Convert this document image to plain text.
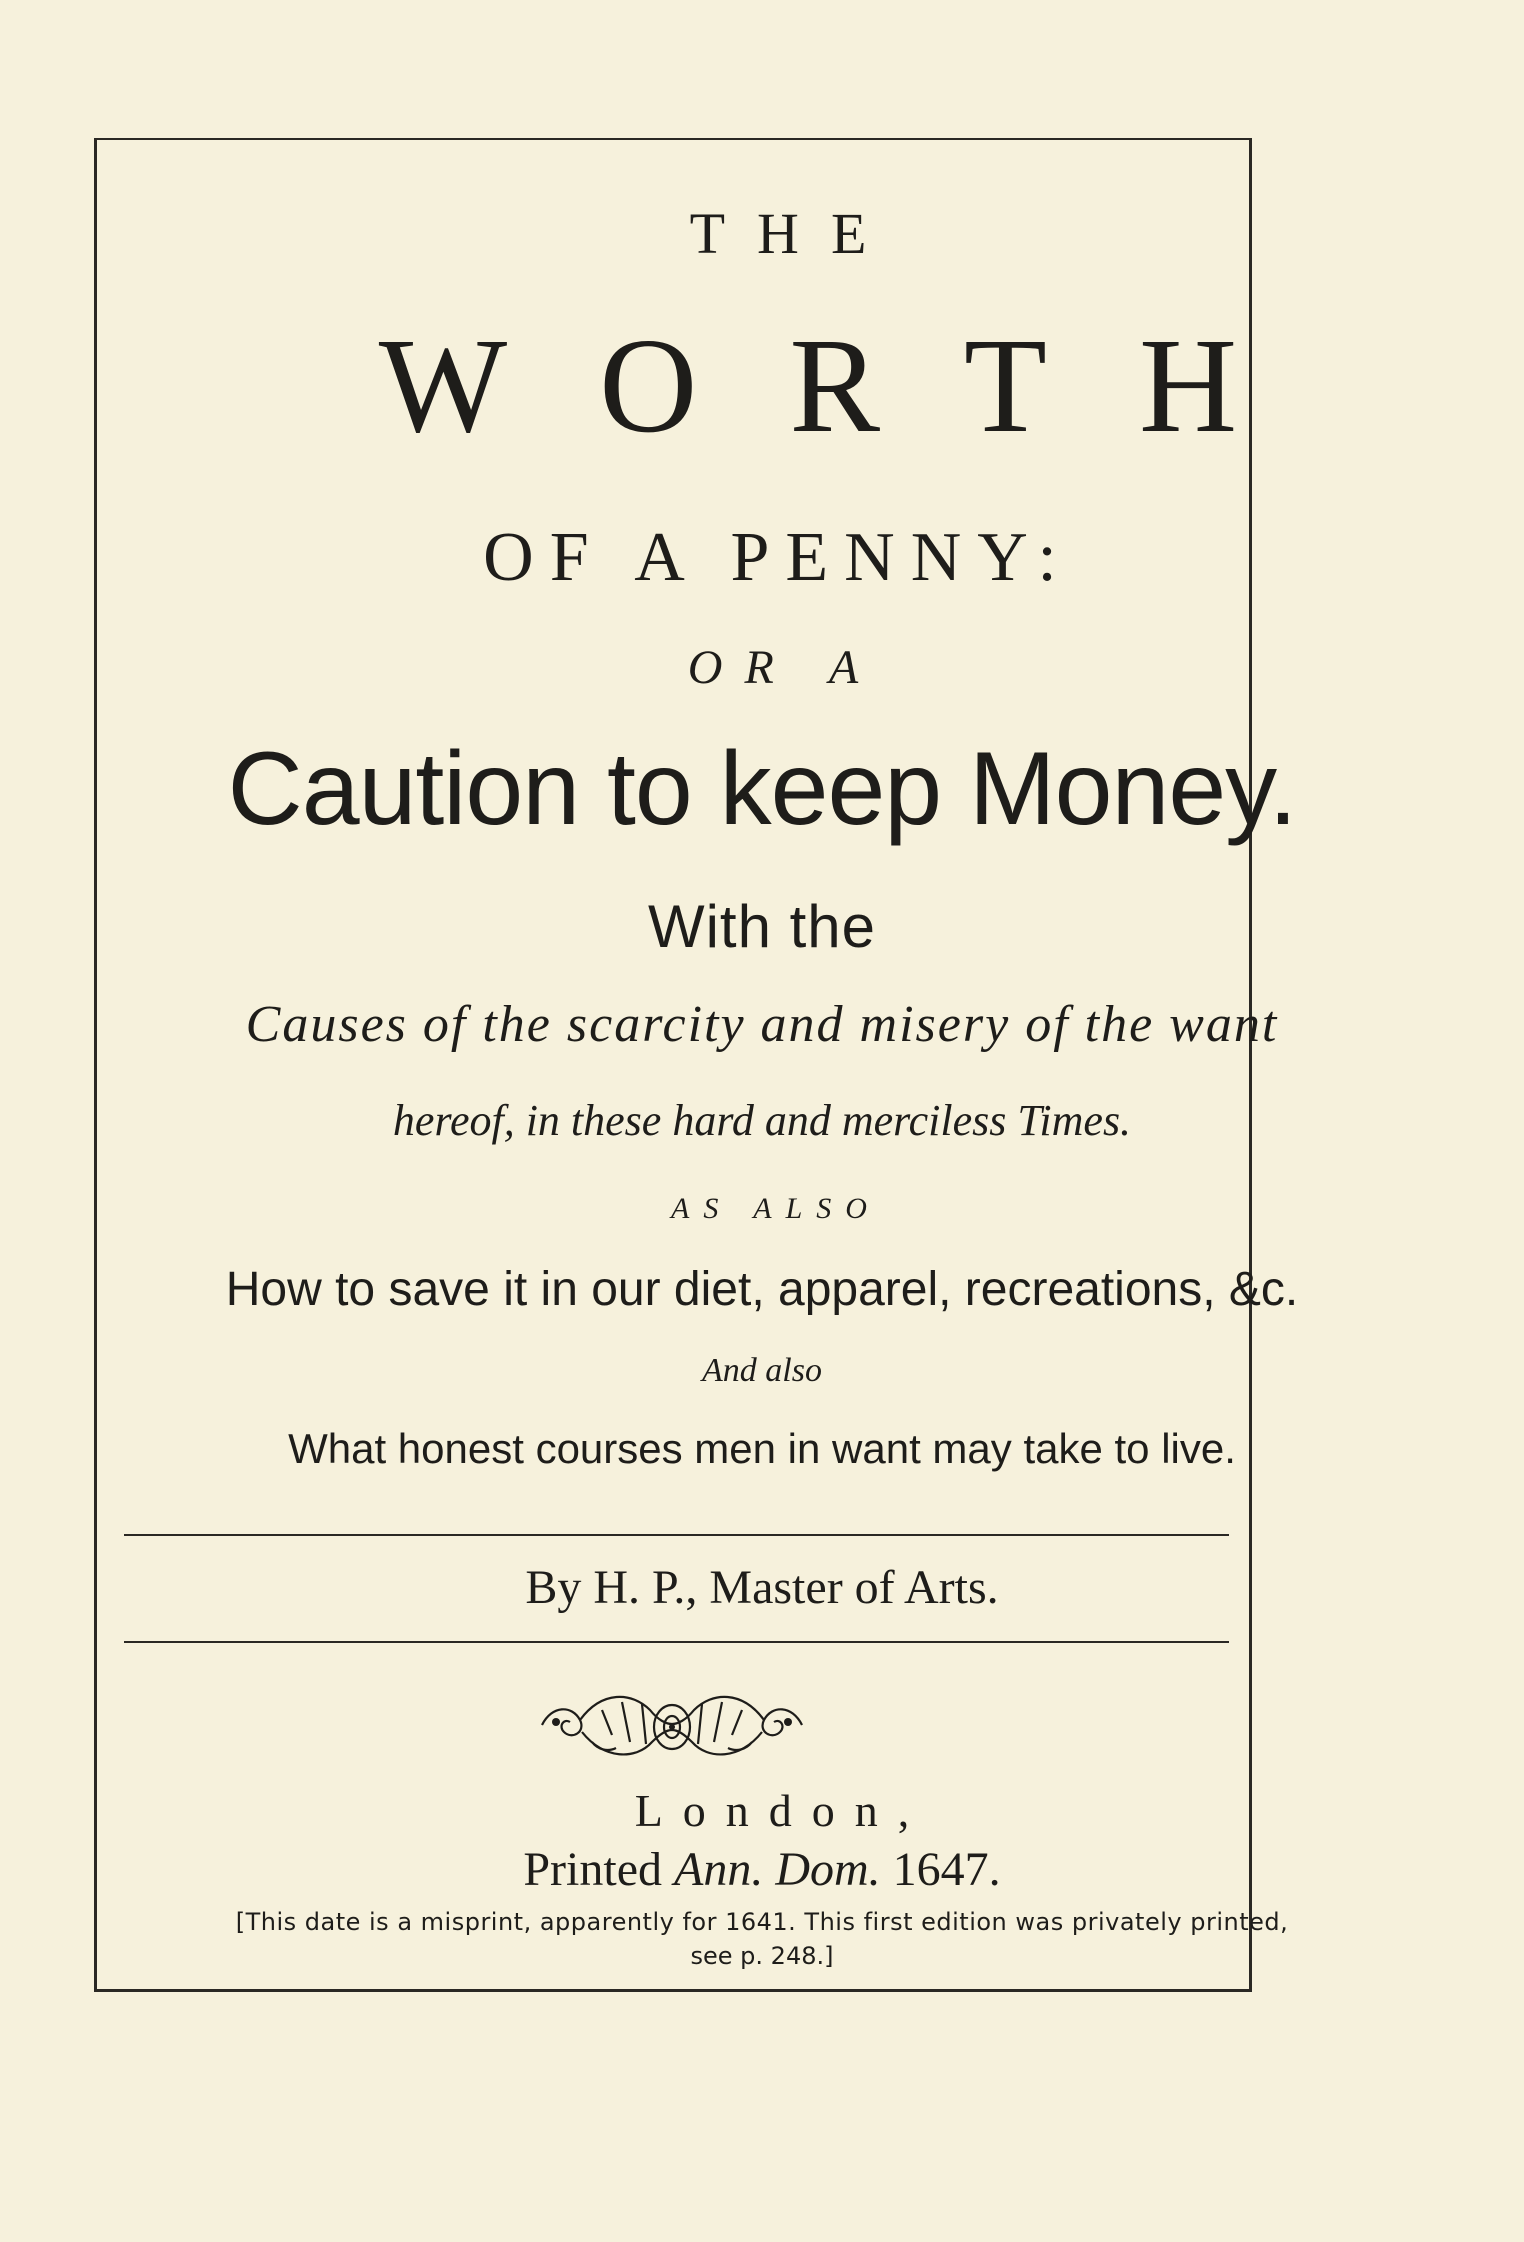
THE
WORTH
OF A PENNY:
OR A
Caution to keep Money.
With the
Causes of the scarcity and misery of the want
hereof, in these hard and merciless Times.
AS ALSO
How to save it in our diet, apparel, recreations, &c.
And also
What honest courses men in want may take to live.
By H. P., Master of Arts.
London,
Printed Ann. Dom. 1647.
[This date is a misprint, apparently for 1641. This first edition was privately printed,
see p. 248.]
